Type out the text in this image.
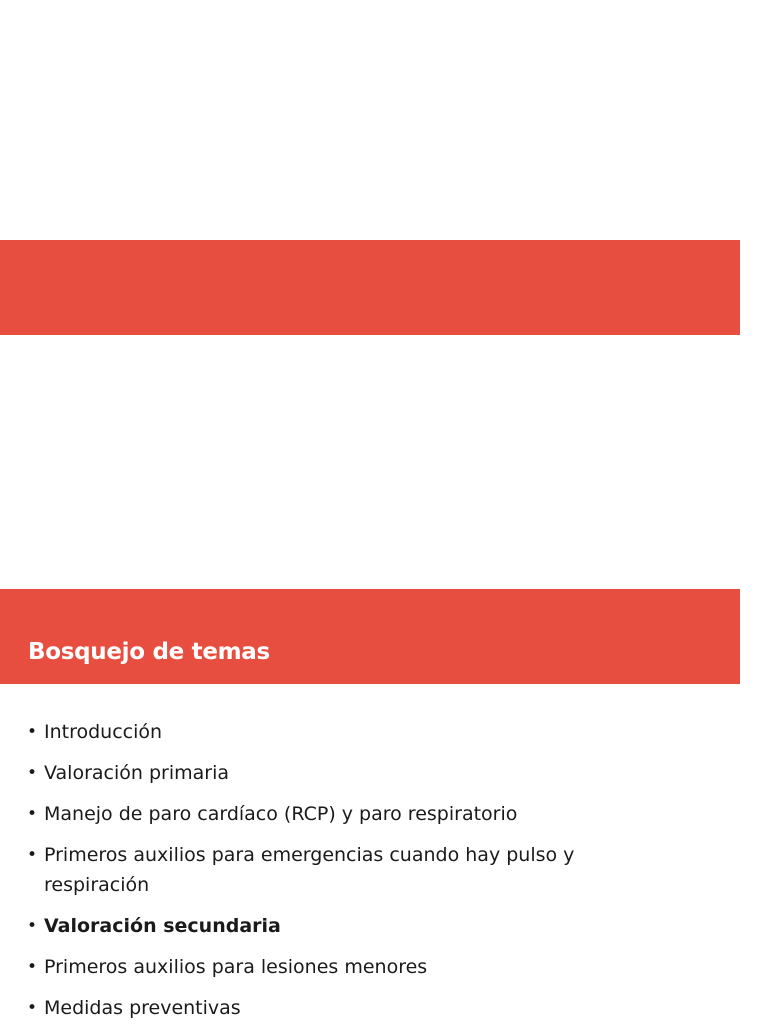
Bosquejo de temas
• Introducción
• Valoración primaria
• Manejo de paro cardíaco (RCP) y paro respiratorio
• Primeros auxilios para emergencias cuando hay pulso y respiración
• Valoración secundaria
• Primeros auxilios para lesiones menores
• Medidas preventivas
